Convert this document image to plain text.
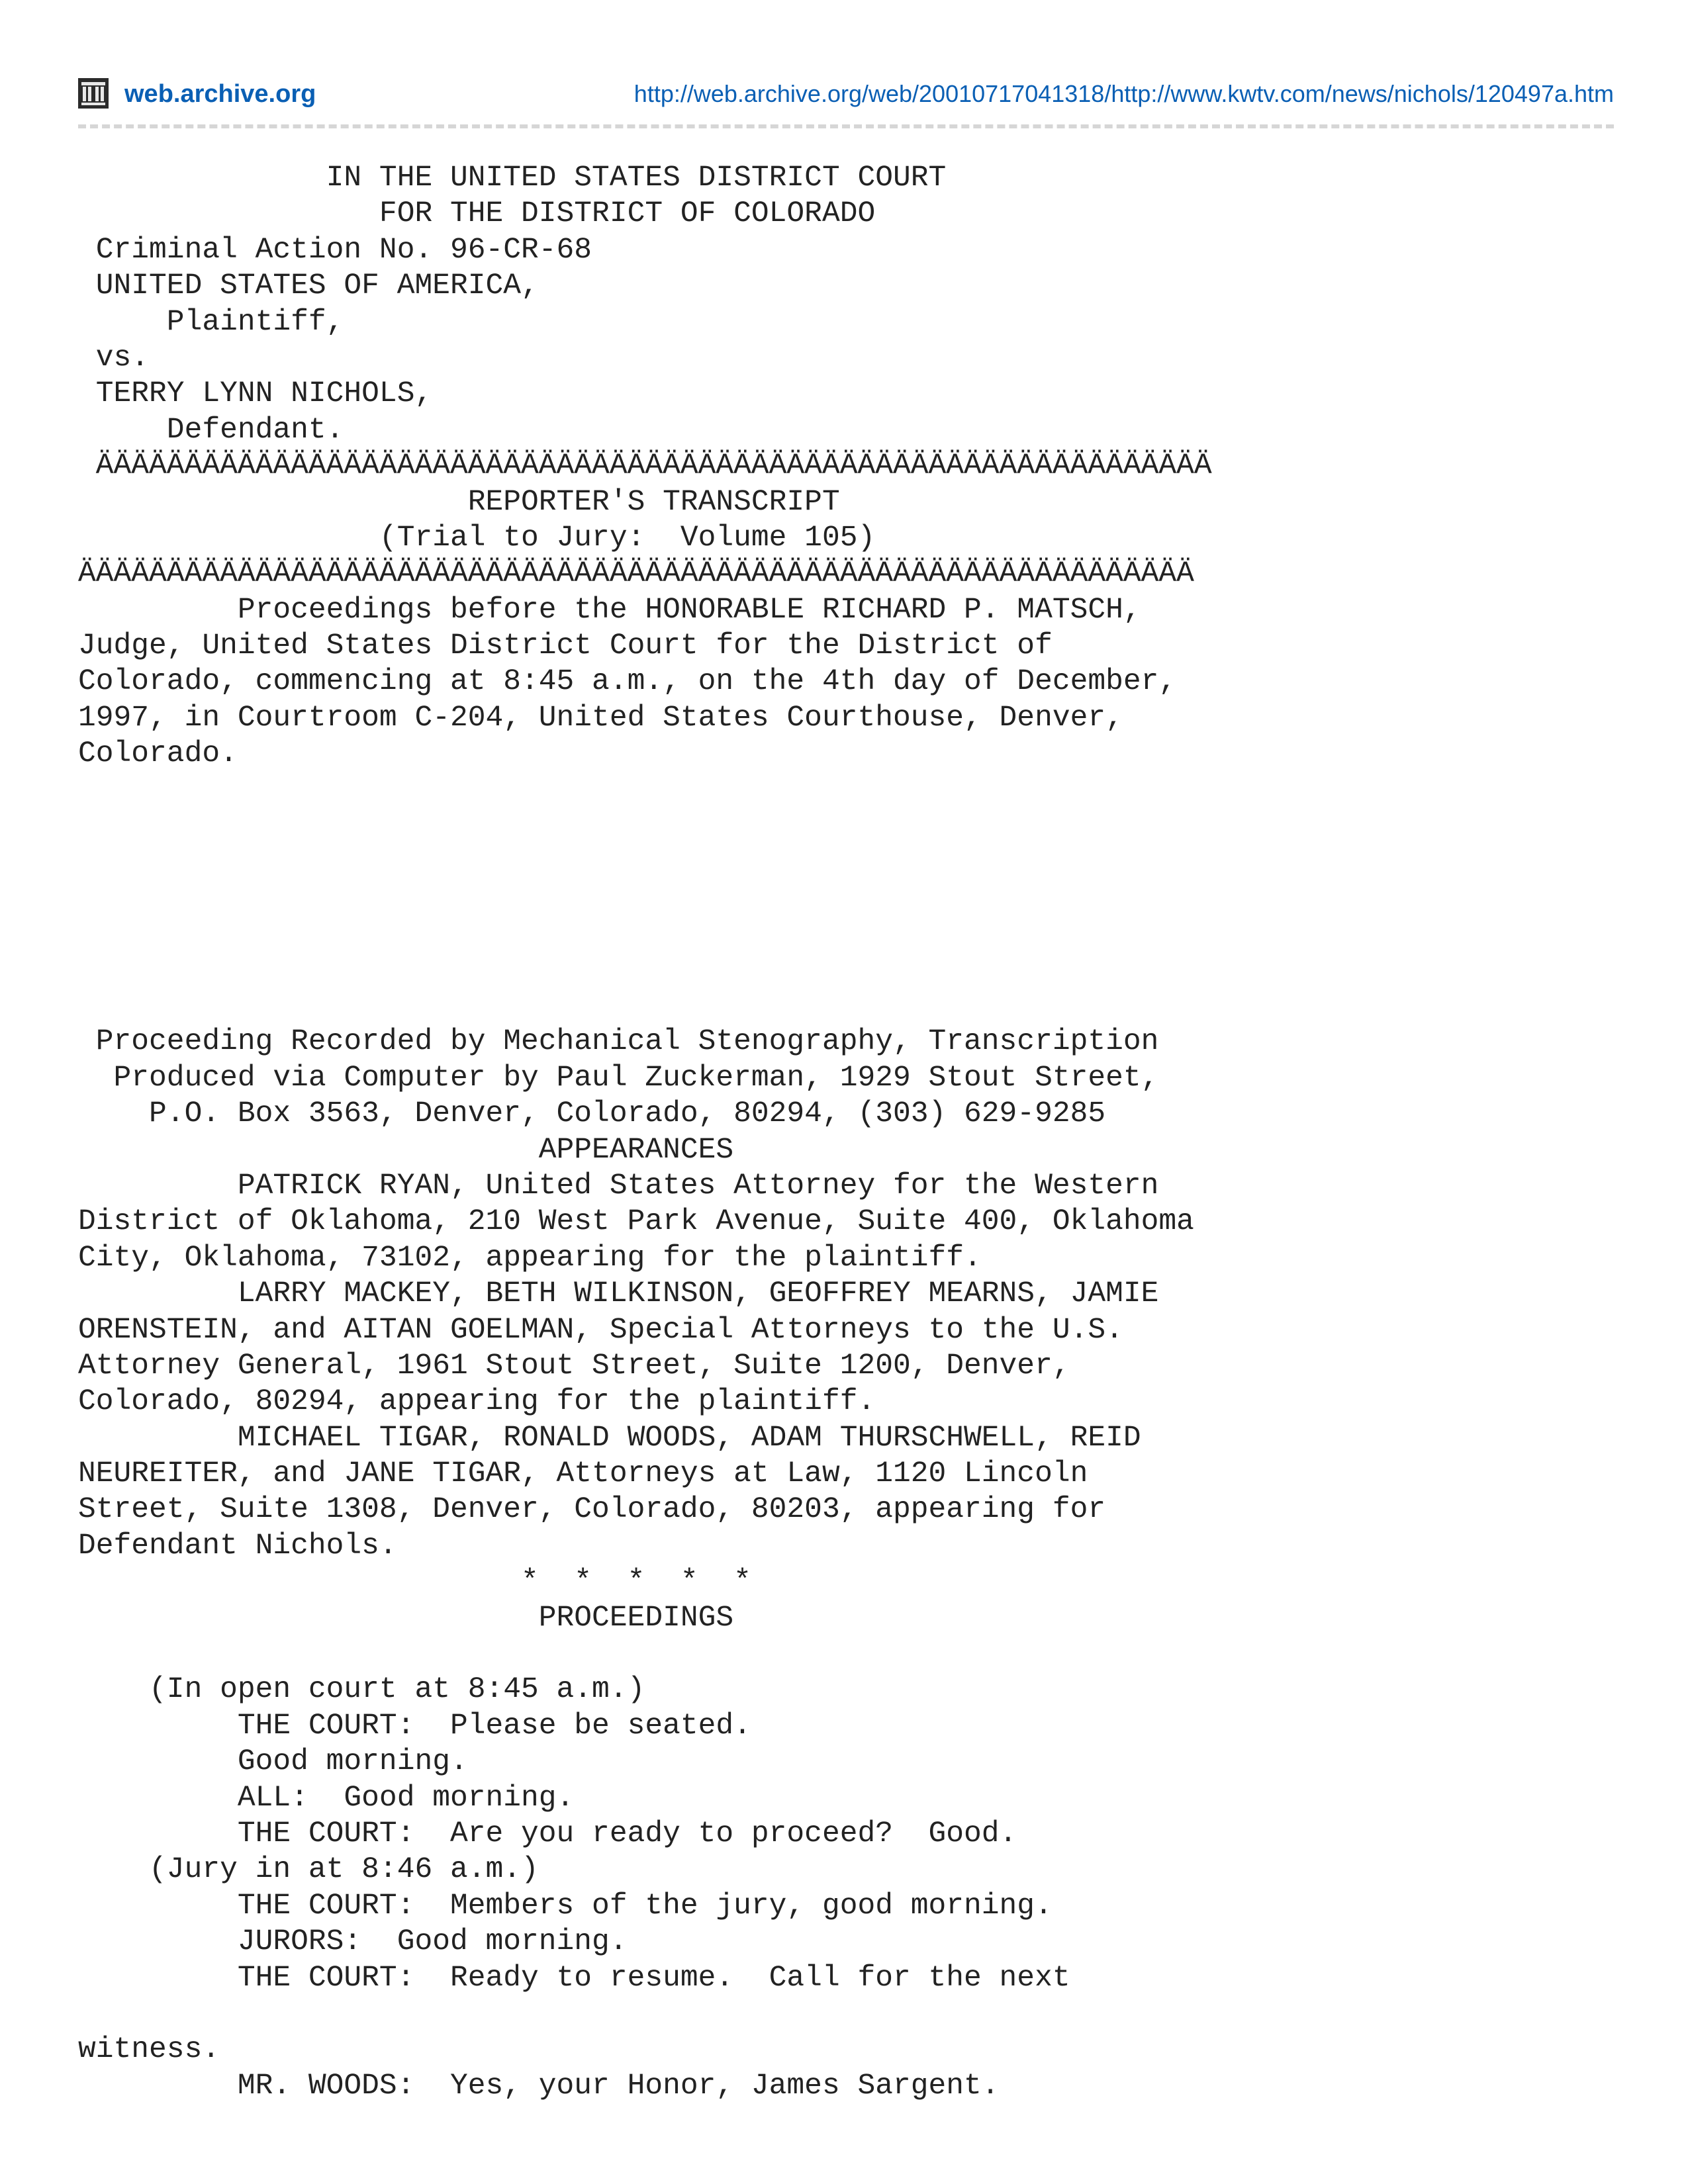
web.archive.org	http://web.archive.org/web/20010717041318/http://www.kwtv.com/news/nichols/120497a.htm
IN THE UNITED STATES DISTRICT COURT
FOR THE DISTRICT OF COLORADO
Criminal Action No. 96-CR-68
UNITED STATES OF AMERICA,
Plaintiff,
vs.
TERRY LYNN NICHOLS,
Defendant.
ÄÄÄÄÄÄÄÄÄÄÄÄÄÄÄÄÄÄÄÄÄÄÄÄÄÄÄÄÄÄÄÄÄÄÄÄÄÄÄÄÄÄÄÄÄÄÄÄÄÄÄÄÄÄÄÄÄÄÄÄÄÄÄ
REPORTER'S TRANSCRIPT
(Trial to Jury:  Volume 105)
ÄÄÄÄÄÄÄÄÄÄÄÄÄÄÄÄÄÄÄÄÄÄÄÄÄÄÄÄÄÄÄÄÄÄÄÄÄÄÄÄÄÄÄÄÄÄÄÄÄÄÄÄÄÄÄÄÄÄÄÄÄÄÄ
Proceedings before the HONORABLE RICHARD P. MATSCH,
Judge, United States District Court for the District of
Colorado, commencing at 8:45 a.m., on the 4th day of December,
1997, in Courtroom C-204, United States Courthouse, Denver,
Colorado.
Proceeding Recorded by Mechanical Stenography, Transcription
Produced via Computer by Paul Zuckerman, 1929 Stout Street,
P.O. Box 3563, Denver, Colorado, 80294, (303) 629-9285
APPEARANCES
PATRICK RYAN, United States Attorney for the Western
District of Oklahoma, 210 West Park Avenue, Suite 400, Oklahoma
City, Oklahoma, 73102, appearing for the plaintiff.
LARRY MACKEY, BETH WILKINSON, GEOFFREY MEARNS, JAMIE
ORENSTEIN, and AITAN GOELMAN, Special Attorneys to the U.S.
Attorney General, 1961 Stout Street, Suite 1200, Denver,
Colorado, 80294, appearing for the plaintiff.
MICHAEL TIGAR, RONALD WOODS, ADAM THURSCHWELL, REID
NEUREITER, and JANE TIGAR, Attorneys at Law, 1120 Lincoln
Street, Suite 1308, Denver, Colorado, 80203, appearing for
Defendant Nichols.
*  *  *  *  *
PROCEEDINGS
(In open court at 8:45 a.m.)
THE COURT:  Please be seated.
Good morning.
ALL:  Good morning.
THE COURT:  Are you ready to proceed?  Good.
(Jury in at 8:46 a.m.)
THE COURT:  Members of the jury, good morning.
JURORS:  Good morning.
THE COURT:  Ready to resume.  Call for the next
witness.
MR. WOODS:  Yes, your Honor, James Sargent.
